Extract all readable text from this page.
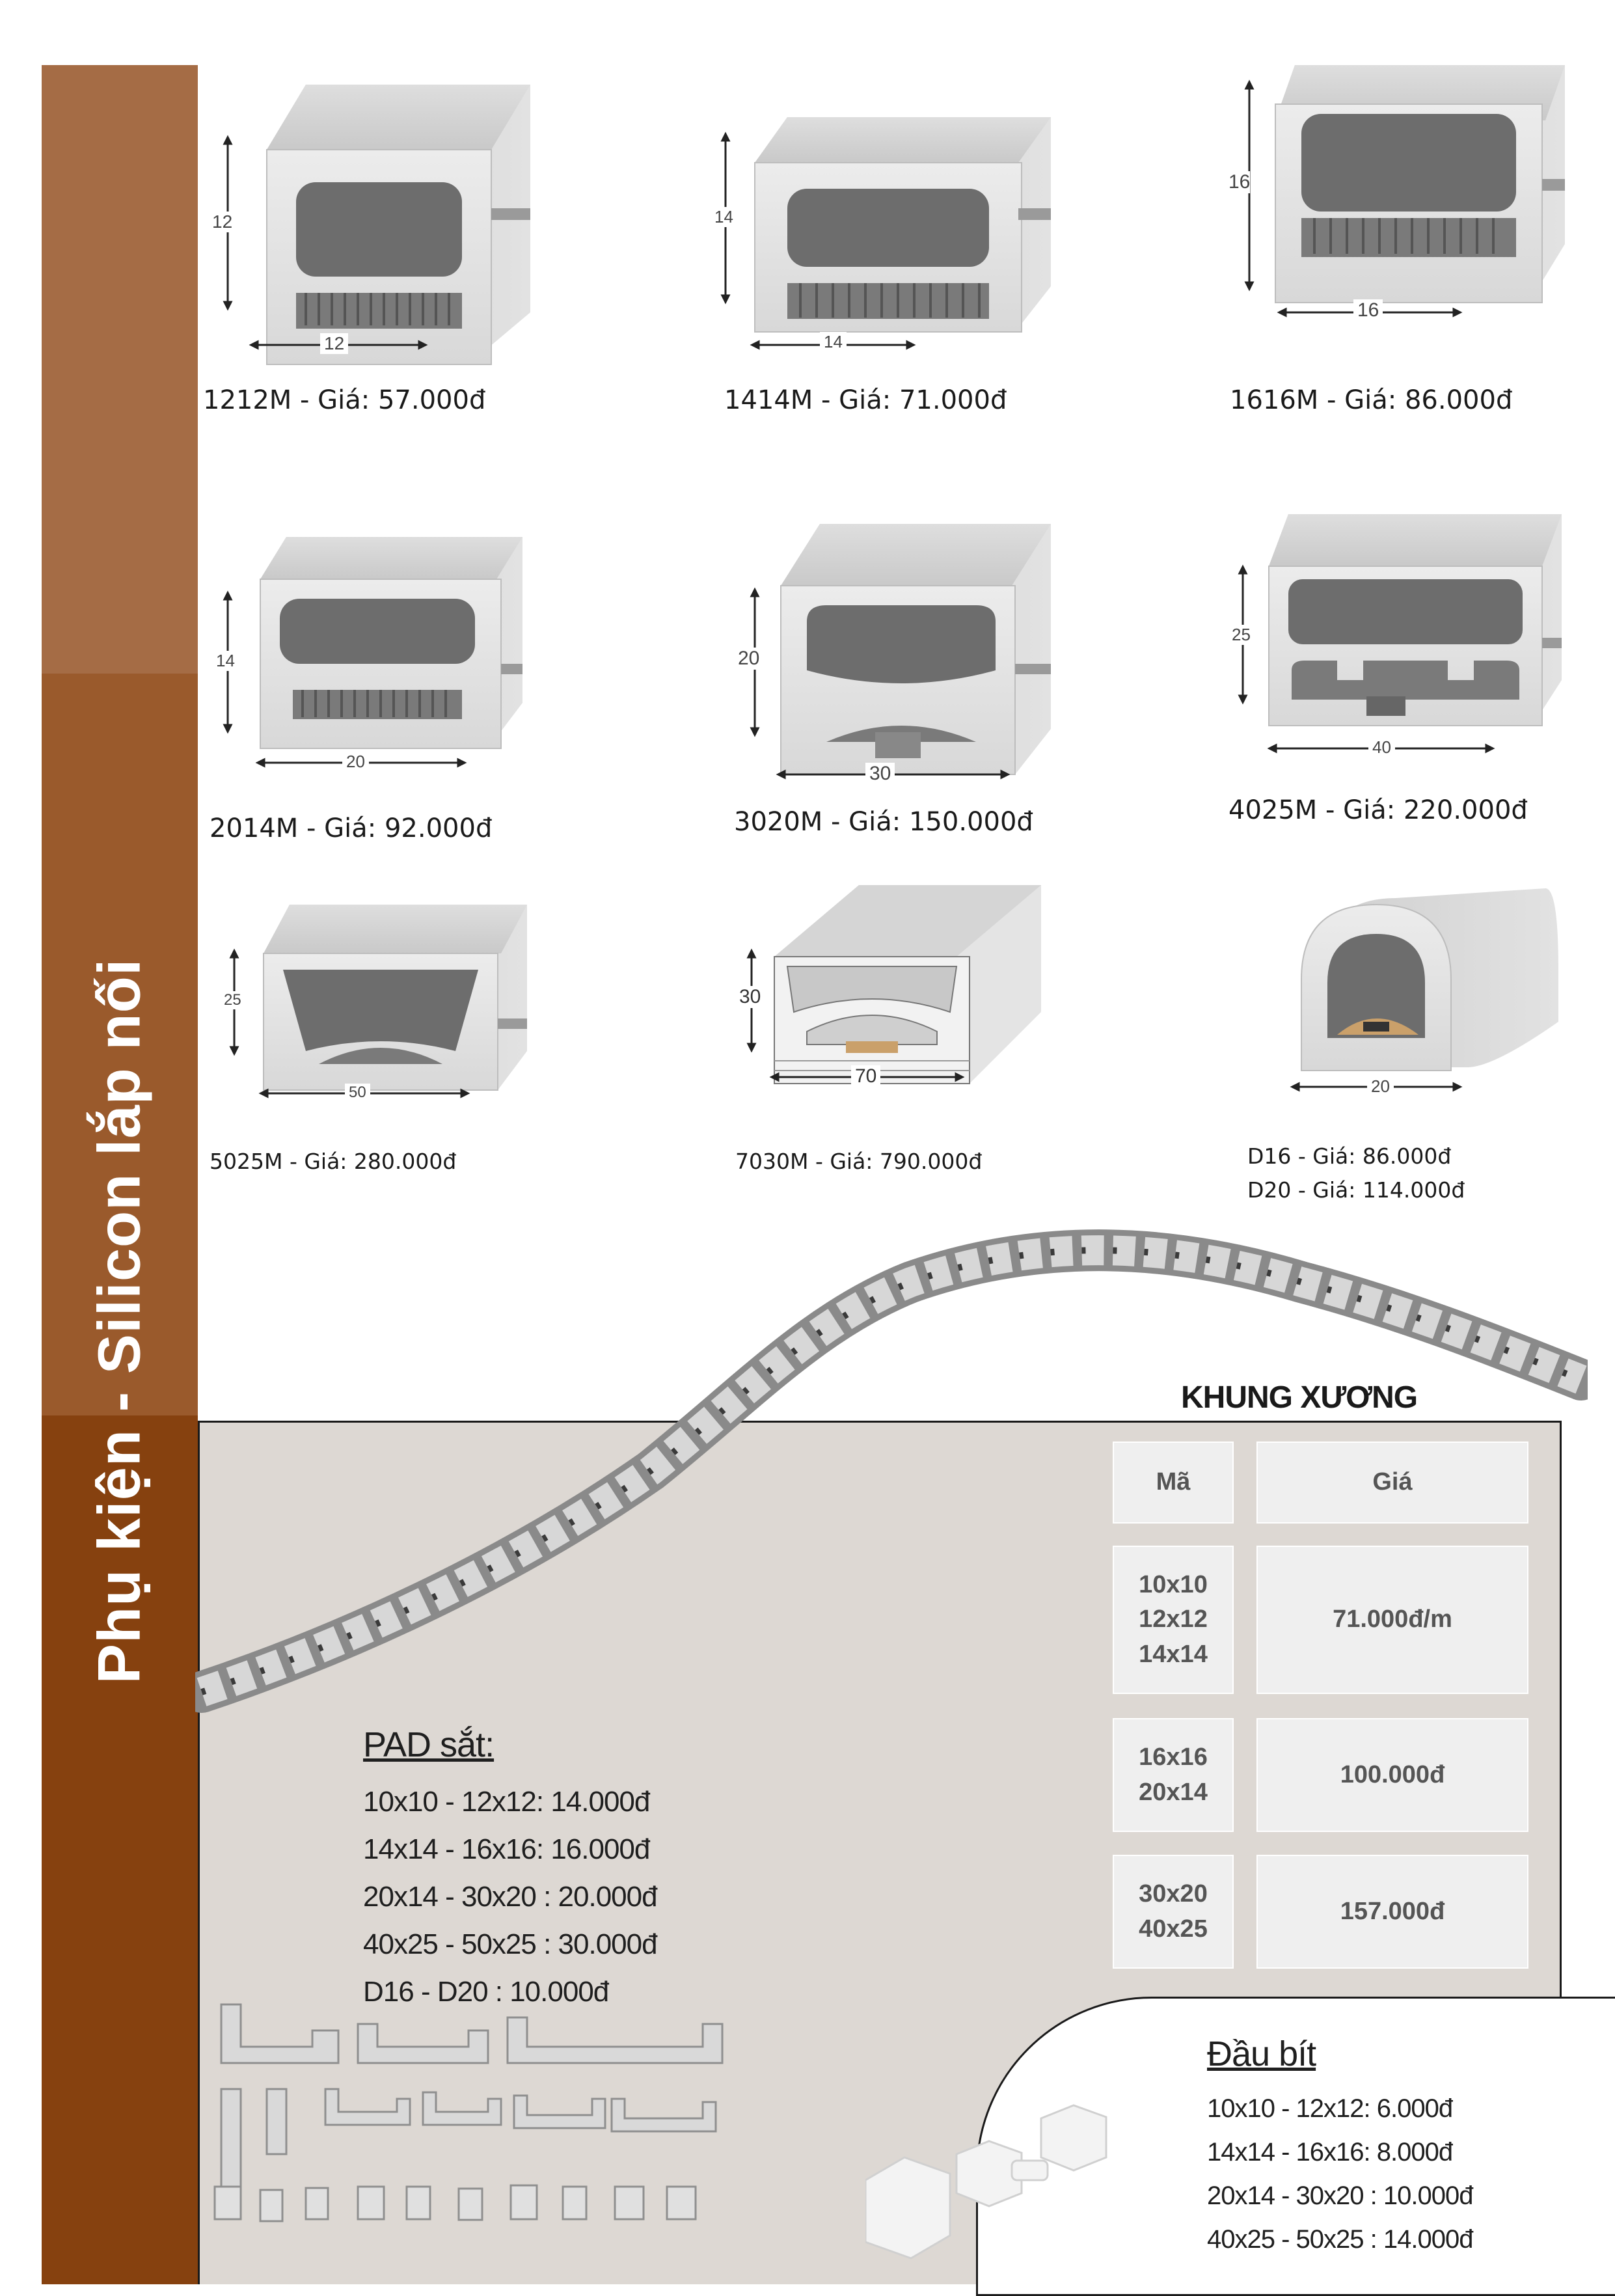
Phụ kiện - Silicon lắp nối
12
12
1212M - Giá: 57.000đ
14
14
1414M - Giá: 71.000đ
16
16
1616M - Giá: 86.000đ
14
20
2014M - Giá: 92.000đ
20
30
3020M - Giá: 150.000đ
25
40
4025M - Giá: 220.000đ
25
50
5025M - Giá: 280.000đ
30
70
7030M - Giá: 790.000đ
20
D16 - Giá: 86.000đ
D20 - Giá: 114.000đ
PAD sắt:
10x10 - 12x12: 14.000đ
14x14 - 16x16: 16.000đ
20x14 - 30x20 : 20.000đ
40x25 - 50x25 : 30.000đ
D16 - D20 : 10.000đ
KHUNG XƯƠNG
Mã	Giá
10x10
12x12
14x14
71.000đ/m
16x16
20x14
100.000đ
30x20
40x25
157.000đ
Đầu bít
10x10 - 12x12: 6.000đ
14x14 - 16x16: 8.000đ
20x14 - 30x20 : 10.000đ
40x25 - 50x25 : 14.000đ
